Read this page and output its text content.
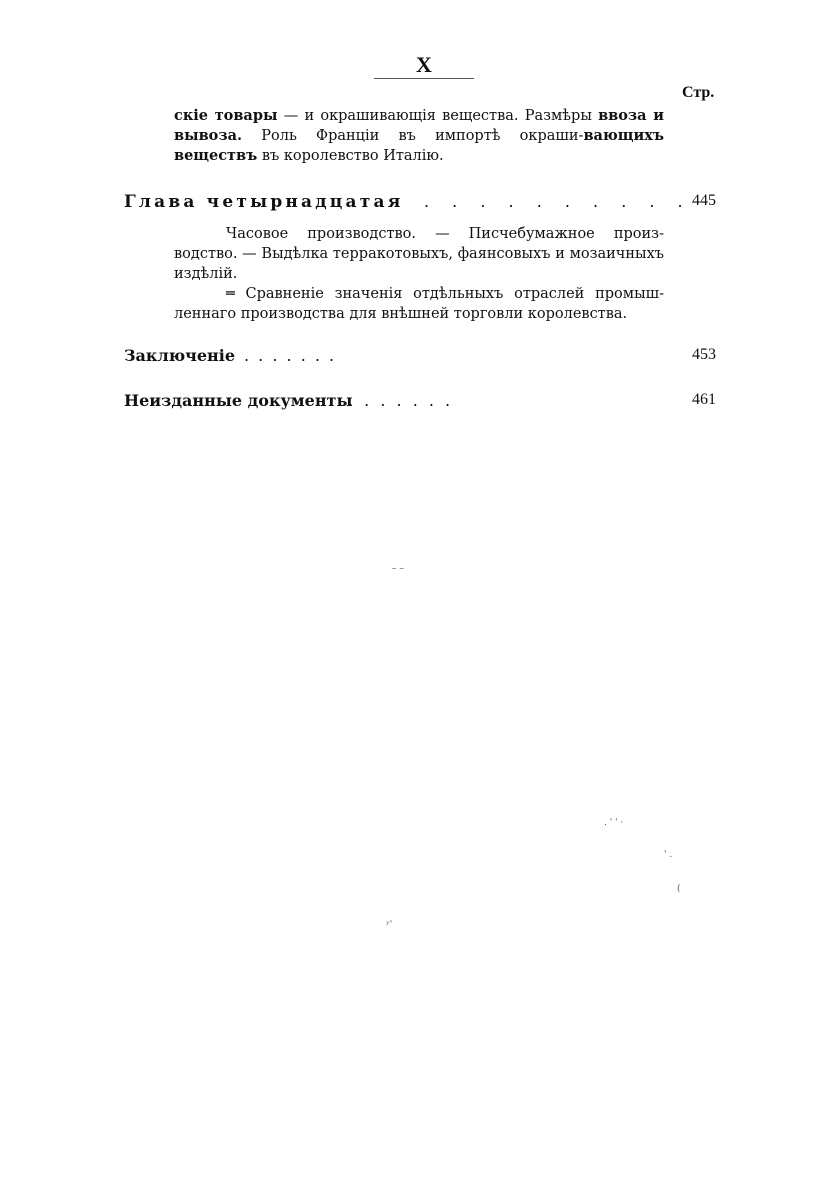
X
Стр.

скіе товары — и окрашивающія вещества. Размѣры ввоза и вывоза. Роль Франціи въ импортѣ окраши-вающихъ веществъ въ королевство Италію.

Глава четырнадцатая . . . . . . . . . . 445

Часовое производство. — Писчебумажное произ-водство. — Выдѣлка терракотовыхъ, фаянсовыхъ и мозаичныхъ издѣлій.

═ Сравненіе значенія отдѣльныхъ отраслей промыш-леннаго производства для внѣшней торговли королевства.

Заключеніе . . . . . . .	453
Неизданные документы
. . . . . . .	461
– –
. ' ' ·
' .
(
ʸ'
